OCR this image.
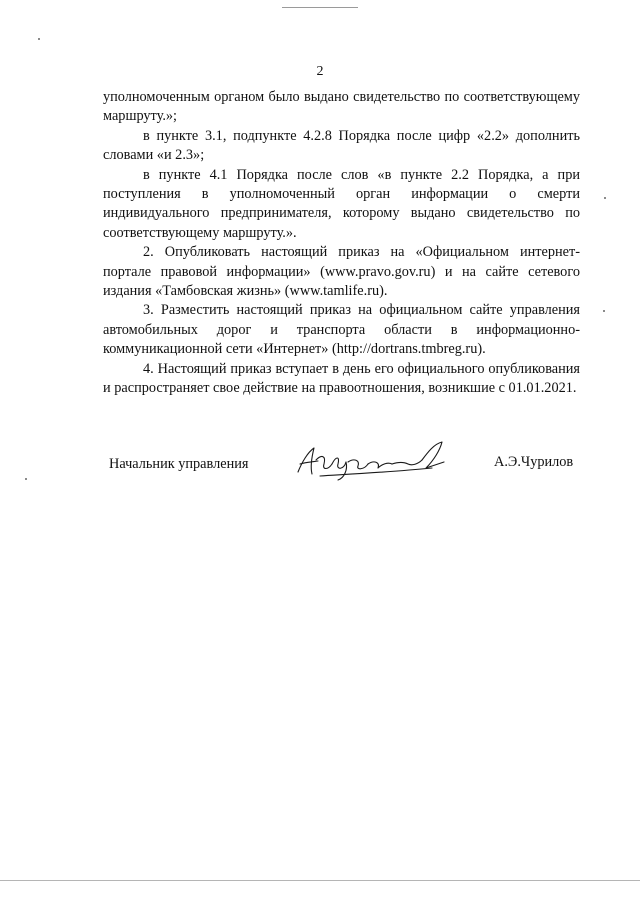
2

уполномоченным органом было выдано свидетельство по соответствующему маршруту.»;

в пункте 3.1, подпункте 4.2.8 Порядка после цифр «2.2» дополнить словами «и 2.3»;

в пункте 4.1 Порядка после слов «в пункте 2.2 Порядка, а при поступления в уполномоченный орган информации о смерти индивидуального предпринимателя, которому выдано свидетельство по соответствующему маршруту.».

2. Опубликовать настоящий приказ на «Официальном интернет-портале правовой информации» (www.pravo.gov.ru) и на сайте сетевого издания «Тамбовская жизнь» (www.tamlife.ru).

3. Разместить настоящий приказ на официальном сайте управления автомобильных дорог и транспорта области в информационно-коммуникационной сети «Интернет» (http://dortrans.tmbreg.ru).

4. Настоящий приказ вступает в день его официального опубликования и распространяет свое действие на правоотношения, возникшие с 01.01.2021.

Начальник управления	А.Э.Чурилов
